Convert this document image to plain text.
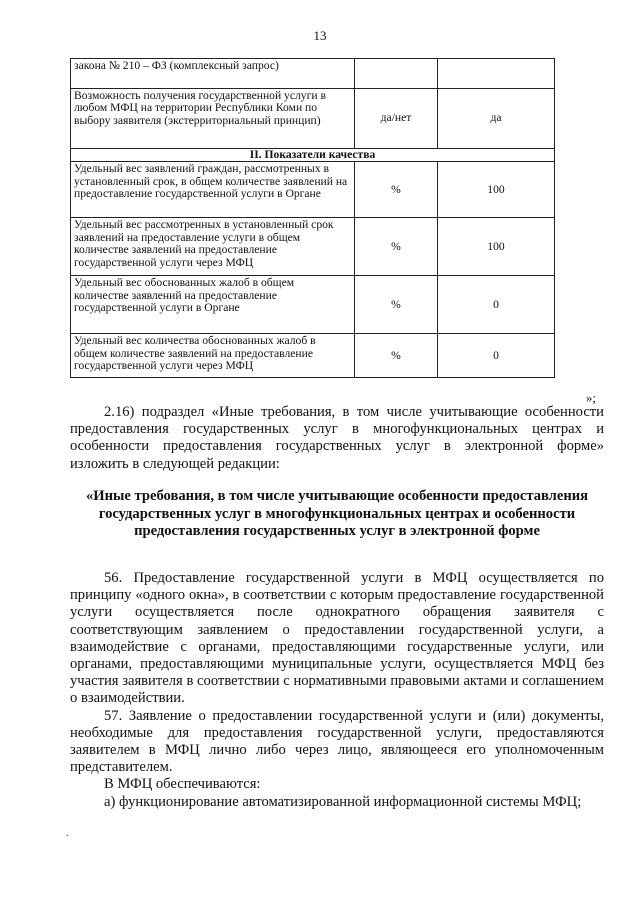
13
закона № 210 – ФЗ (комплексный запрос)		
Возможность получения государственной услуги в любом МФЦ на территории Республики Коми по выбору заявителя (экстерриториальный принцип)	да/нет	да
II. Показатели качества		
Удельный вес заявлений граждан, рассмотренных в установленный срок, в общем количестве заявлений на предоставление государственной услуги в Органе	%	100
Удельный вес рассмотренных в установленный срок заявлений на предоставление услуги в общем количестве заявлений на предоставление государственной услуги через МФЦ	%	100
Удельный вес обоснованных жалоб в общем количестве заявлений на предоставление государственной услуги в Органе	%	0
Удельный вес количества обоснованных жалоб в общем количестве заявлений на предоставление государственной услуги через МФЦ	%	0
»;

2.16) подраздел «Иные требования, в том числе учитывающие особенности предоставления государственных услуг в многофункциональных центрах и особенности предоставления государственных услуг в электронной форме» изложить в следующей редакции:

«Иные требования, в том числе учитывающие особенности предоставления государственных услуг в многофункциональных центрах и особенности предоставления государственных услуг в электронной форме

56. Предоставление государственной услуги в МФЦ осуществляется по принципу «одного окна», в соответствии с которым предоставление государственной услуги осуществляется после однократного обращения заявителя с соответствующим заявлением о предоставлении государственной услуги, а взаимодействие с органами, предоставляющими государственные услуги, или органами, предоставляющими муниципальные услуги, осуществляется МФЦ без участия заявителя в соответствии с нормативными правовыми актами и соглашением о взаимодействии.

57. Заявление о предоставлении государственной услуги и (или) документы, необходимые для предоставления государственной услуги, предоставляются заявителем в МФЦ лично либо через лицо, являющееся его уполномоченным представителем.

В МФЦ обеспечиваются:

а) функционирование автоматизированной информационной системы МФЦ;

.
